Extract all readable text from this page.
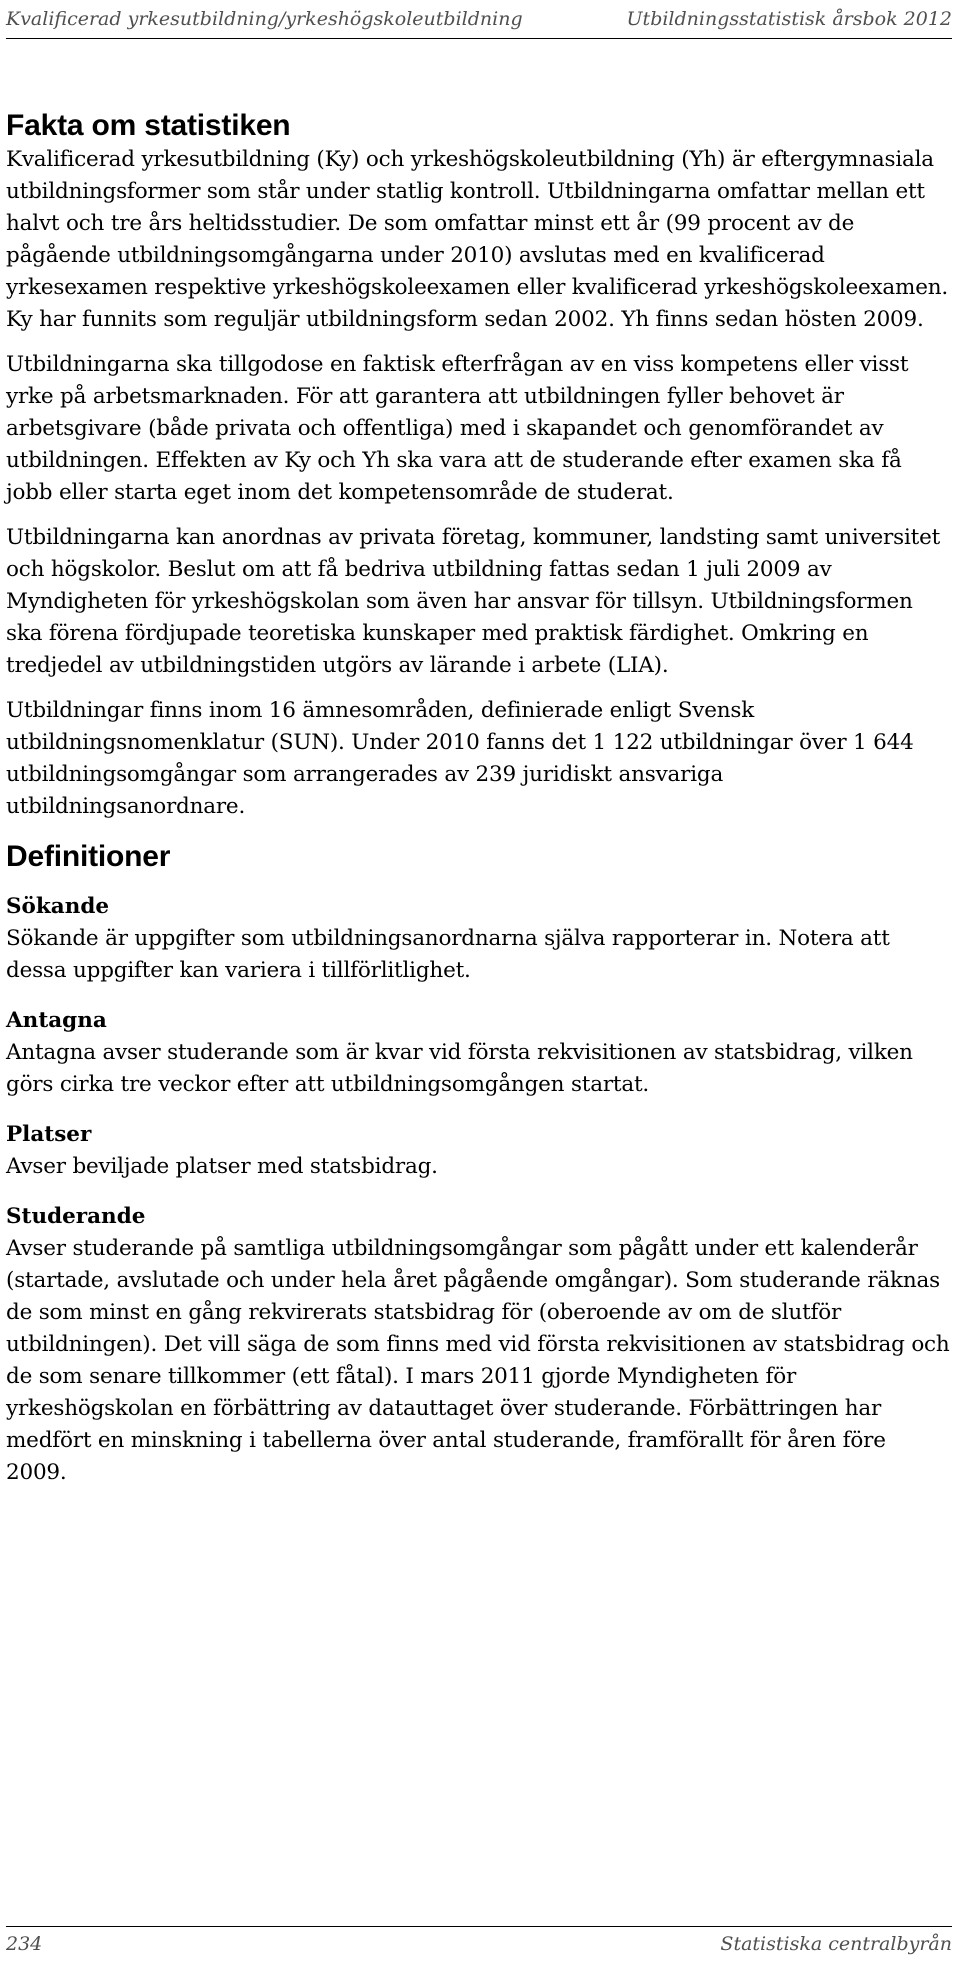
Kvalificerad yrkesutbildning/yrkeshögskoleutbildning	Utbildningsstatistisk årsbok 2012
Fakta om statistiken

Kvalificerad yrkesutbildning (Ky) och yrkeshögskoleutbildning (Yh) är eftergymnasiala utbildningsformer som står under statlig kontroll. Utbildningarna omfattar mellan ett halvt och tre års heltidsstudier. De som omfattar minst ett år (99 procent av de pågående utbildningsomgångarna under 2010) avslutas med en kvalificerad yrkesexamen respektive yrkeshögskoleexamen eller kvalificerad yrkeshögskoleexamen. Ky har funnits som reguljär utbildningsform sedan 2002. Yh finns sedan hösten 2009.

Utbildningarna ska tillgodose en faktisk efterfrågan av en viss kompetens eller visst yrke på arbetsmarknaden. För att garantera att utbildningen fyller behovet är arbetsgivare (både privata och offentliga) med i skapandet och genomförandet av utbildningen. Effekten av Ky och Yh ska vara att de studerande efter examen ska få jobb eller starta eget inom det kompetensområde de studerat.

Utbildningarna kan anordnas av privata företag, kommuner, landsting samt universitet och högskolor. Beslut om att få bedriva utbildning fattas sedan 1 juli 2009 av Myndigheten för yrkeshögskolan som även har ansvar för tillsyn. Utbildningsformen ska förena fördjupade teoretiska kunskaper med praktisk färdighet. Omkring en tredjedel av utbildningstiden utgörs av lärande i arbete (LIA).

Utbildningar finns inom 16 ämnesområden, definierade enligt Svensk utbildningsnomenklatur (SUN). Under 2010 fanns det 1 122 utbildningar över 1 644 utbildningsomgångar som arrangerades av 239 juridiskt ansvariga utbildningsanordnare.

Definitioner

Sökande

Sökande är uppgifter som utbildningsanordnarna själva rapporterar in. Notera att dessa uppgifter kan variera i tillförlitlighet.

Antagna

Antagna avser studerande som är kvar vid första rekvisitionen av statsbidrag, vilken görs cirka tre veckor efter att utbildningsomgången startat.

Platser

Avser beviljade platser med statsbidrag.

Studerande

Avser studerande på samtliga utbildningsomgångar som pågått under ett kalenderår (startade, avslutade och under hela året pågående omgångar). Som studerande räknas de som minst en gång rekvirerats statsbidrag för (oberoende av om de slutför utbildningen). Det vill säga de som finns med vid första rekvisitionen av statsbidrag och de som senare tillkommer (ett fåtal). I mars 2011 gjorde Myndigheten för yrkeshögskolan en förbättring av datauttaget över studerande. Förbättringen har medfört en minskning i tabellerna över antal studerande, framförallt för åren före 2009.

234	Statistiska centralbyrån
